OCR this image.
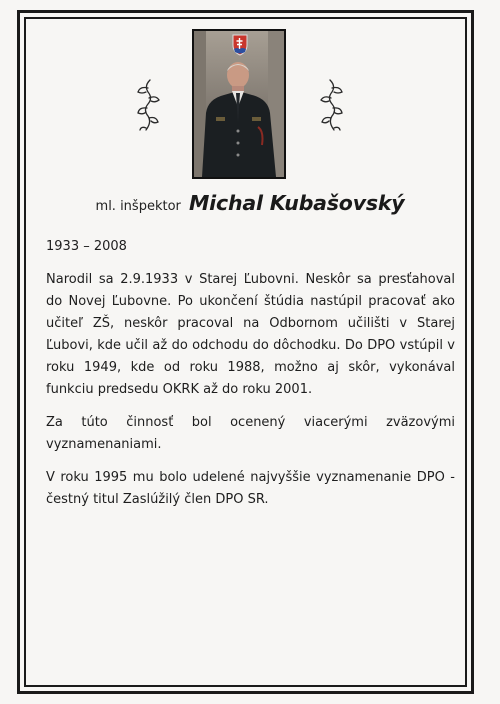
ml. inšpektor Michal Kubašovský

1933 – 2008

Narodil sa 2.9.1933 v Starej Ľubovni. Neskôr sa presťahoval do Novej Ľubovne. Po ukončení štúdia nastúpil pracovať ako učiteľ ZŠ, neskôr pracoval na Odbornom učilišti v Starej Ľubovi, kde učil až do odchodu do dôchodku. Do DPO vstúpil v roku 1949, kde od roku 1988, možno aj skôr, vykonával funkciu predsedu OKRK až do roku 2001.

Za túto činnosť bol ocenený viacerými zväzovými vyznamenaniami.

V roku 1995 mu bolo udelené najvyššie vyznamenanie DPO - čestný titul Zaslúžilý člen DPO SR.
